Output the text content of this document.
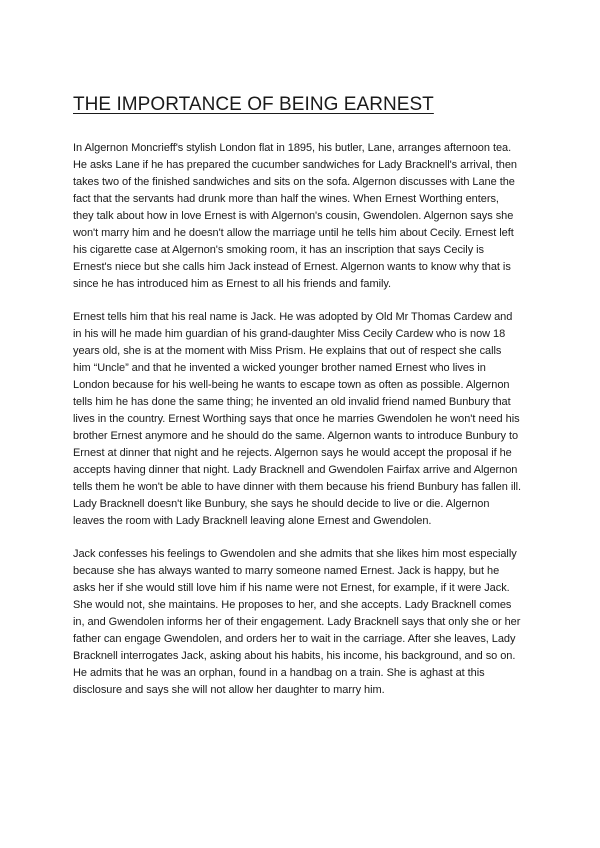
THE IMPORTANCE OF BEING EARNEST

In Algernon Moncrieff's stylish London flat in 1895, his butler, Lane, arranges afternoon tea. He asks Lane if he has prepared the cucumber sandwiches for Lady Bracknell's arrival, then takes two of the finished sandwiches and sits on the sofa. Algernon discusses with Lane the fact that the servants had drunk more than half the wines. When Ernest Worthing enters, they talk about how in love Ernest is with Algernon's cousin, Gwendolen. Algernon says she won't marry him and he doesn't allow the marriage until he tells him about Cecily. Ernest left his cigarette case at Algernon's smoking room, it has an inscription that says Cecily is Ernest's niece but she calls him Jack instead of Ernest. Algernon wants to know why that is since he has introduced him as Ernest to all his friends and family.

Ernest tells him that his real name is Jack. He was adopted by Old Mr Thomas Cardew and in his will he made him guardian of his grand-daughter Miss Cecily Cardew who is now 18 years old, she is at the moment with Miss Prism. He explains that out of respect she calls him “Uncle” and that he invented a wicked younger brother named Ernest who lives in London because for his well-being he wants to escape town as often as possible. Algernon tells him he has done the same thing; he invented an old invalid friend named Bunbury that lives in the country. Ernest Worthing says that once he marries Gwendolen he won't need his brother Ernest anymore and he should do the same. Algernon wants to introduce Bunbury to Ernest at dinner that night and he rejects. Algernon says he would accept the proposal if he accepts having dinner that night. Lady Bracknell and Gwendolen Fairfax arrive and Algernon tells them he won't be able to have dinner with them because his friend Bunbury has fallen ill. Lady Bracknell doesn't like Bunbury, she says he should decide to live or die. Algernon leaves the room with Lady Bracknell leaving alone Ernest and Gwendolen.

Jack confesses his feelings to Gwendolen and she admits that she likes him most especially because she has always wanted to marry someone named Ernest. Jack is happy, but he asks her if she would still love him if his name were not Ernest, for example, if it were Jack. She would not, she maintains. He proposes to her, and she accepts. Lady Bracknell comes in, and Gwendolen informs her of their engagement. Lady Bracknell says that only she or her father can engage Gwendolen, and orders her to wait in the carriage. After she leaves, Lady Bracknell interrogates Jack, asking about his habits, his income, his background, and so on. He admits that he was an orphan, found in a handbag on a train. She is aghast at this disclosure and says she will not allow her daughter to marry him.
